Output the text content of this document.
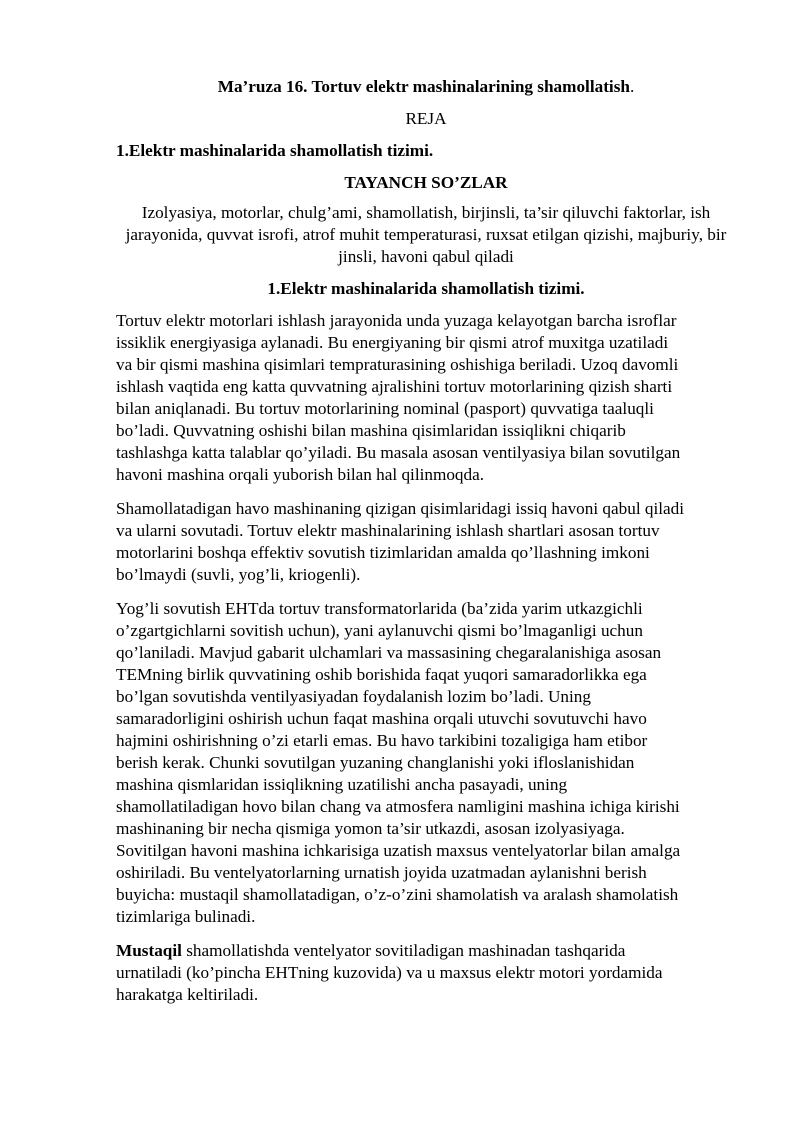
Ma’ruza 16. Tortuv elektr mashinalarining shamollatish.
REJA
1.Elektr mashinalarida shamollatish tizimi.
TAYANCH SO’ZLAR
Izolyasiya, motorlar, chulg’ami, shamollatish, birjinsli, ta’sir qiluvchi faktorlar, ish jarayonida, quvvat isrofi, atrof muhit temperaturasi, ruxsat etilgan qizishi, majburiy, bir jinsli, havoni qabul qiladi
1.Elektr mashinalarida shamollatish tizimi.

Tortuv elektr motorlari ishlash jarayonida unda yuzaga kelayotgan barcha isroflar
issiklik energiyasiga aylanadi. Bu energiyaning bir qismi atrof muxitga uzatiladi
va bir qismi mashina qisimlari tempraturasining oshishiga beriladi. Uzoq davomli
ishlash vaqtida eng katta quvvatning ajralishini tortuv motorlarining qizish sharti
bilan aniqlanadi. Bu tortuv motorlarining nominal (pasport) quvvatiga taaluqli
bo’ladi. Quvvatning oshishi bilan mashina qisimlaridan issiqlikni chiqarib
tashlashga katta talablar qo’yiladi. Bu masala asosan ventilyasiya bilan sovutilgan
havoni mashina orqali yuborish bilan hal qilinmoqda.

Shamollatadigan havo mashinaning qizigan qisimlaridagi issiq havoni qabul qiladi
va ularni sovutadi. Tortuv elektr mashinalarining ishlash shartlari asosan tortuv
motorlarini boshqa effektiv sovutish tizimlaridan amalda qo’llashning imkoni
bo’lmaydi (suvli, yog’li, kriogenli).

Yog’li sovutish EHTda tortuv transformatorlarida (ba’zida yarim utkazgichli
o’zgartgichlarni sovitish uchun), yani aylanuvchi qismi bo’lmaganligi uchun
qo’laniladi. Mavjud gabarit ulchamlari va massasining chegaralanishiga asosan
TEMning birlik quvvatining oshib borishida faqat yuqori samaradorlikka ega
bo’lgan sovutishda ventilyasiyadan foydalanish lozim bo’ladi. Uning
samaradorligini oshirish uchun faqat mashina orqali utuvchi sovutuvchi havo
hajmini oshirishning o’zi etarli emas. Bu havo tarkibini tozaligiga ham etibor
berish kerak. Chunki sovutilgan yuzaning changlanishi yoki ifloslanishidan
mashina qismlaridan issiqlikning uzatilishi ancha pasayadi, uning
shamollatiladigan hovo bilan chang va atmosfera namligini mashina ichiga kirishi
mashinaning bir necha qismiga yomon ta’sir utkazdi, asosan izolyasiyaga.
Sovitilgan havoni mashina ichkarisiga uzatish maxsus ventelyatorlar bilan amalga
oshiriladi. Bu ventelyatorlarning urnatish joyida uzatmadan aylanishni berish
buyicha: mustaqil shamollatadigan, o’z-o’zini shamolatish va aralash shamolatish
tizimlariga bulinadi.

Mustaqil shamollatishda ventelyator sovitiladigan mashinadan tashqarida
urnatiladi (ko’pincha EHTning kuzovida) va u maxsus elektr motori yordamida
harakatga keltiriladi.
